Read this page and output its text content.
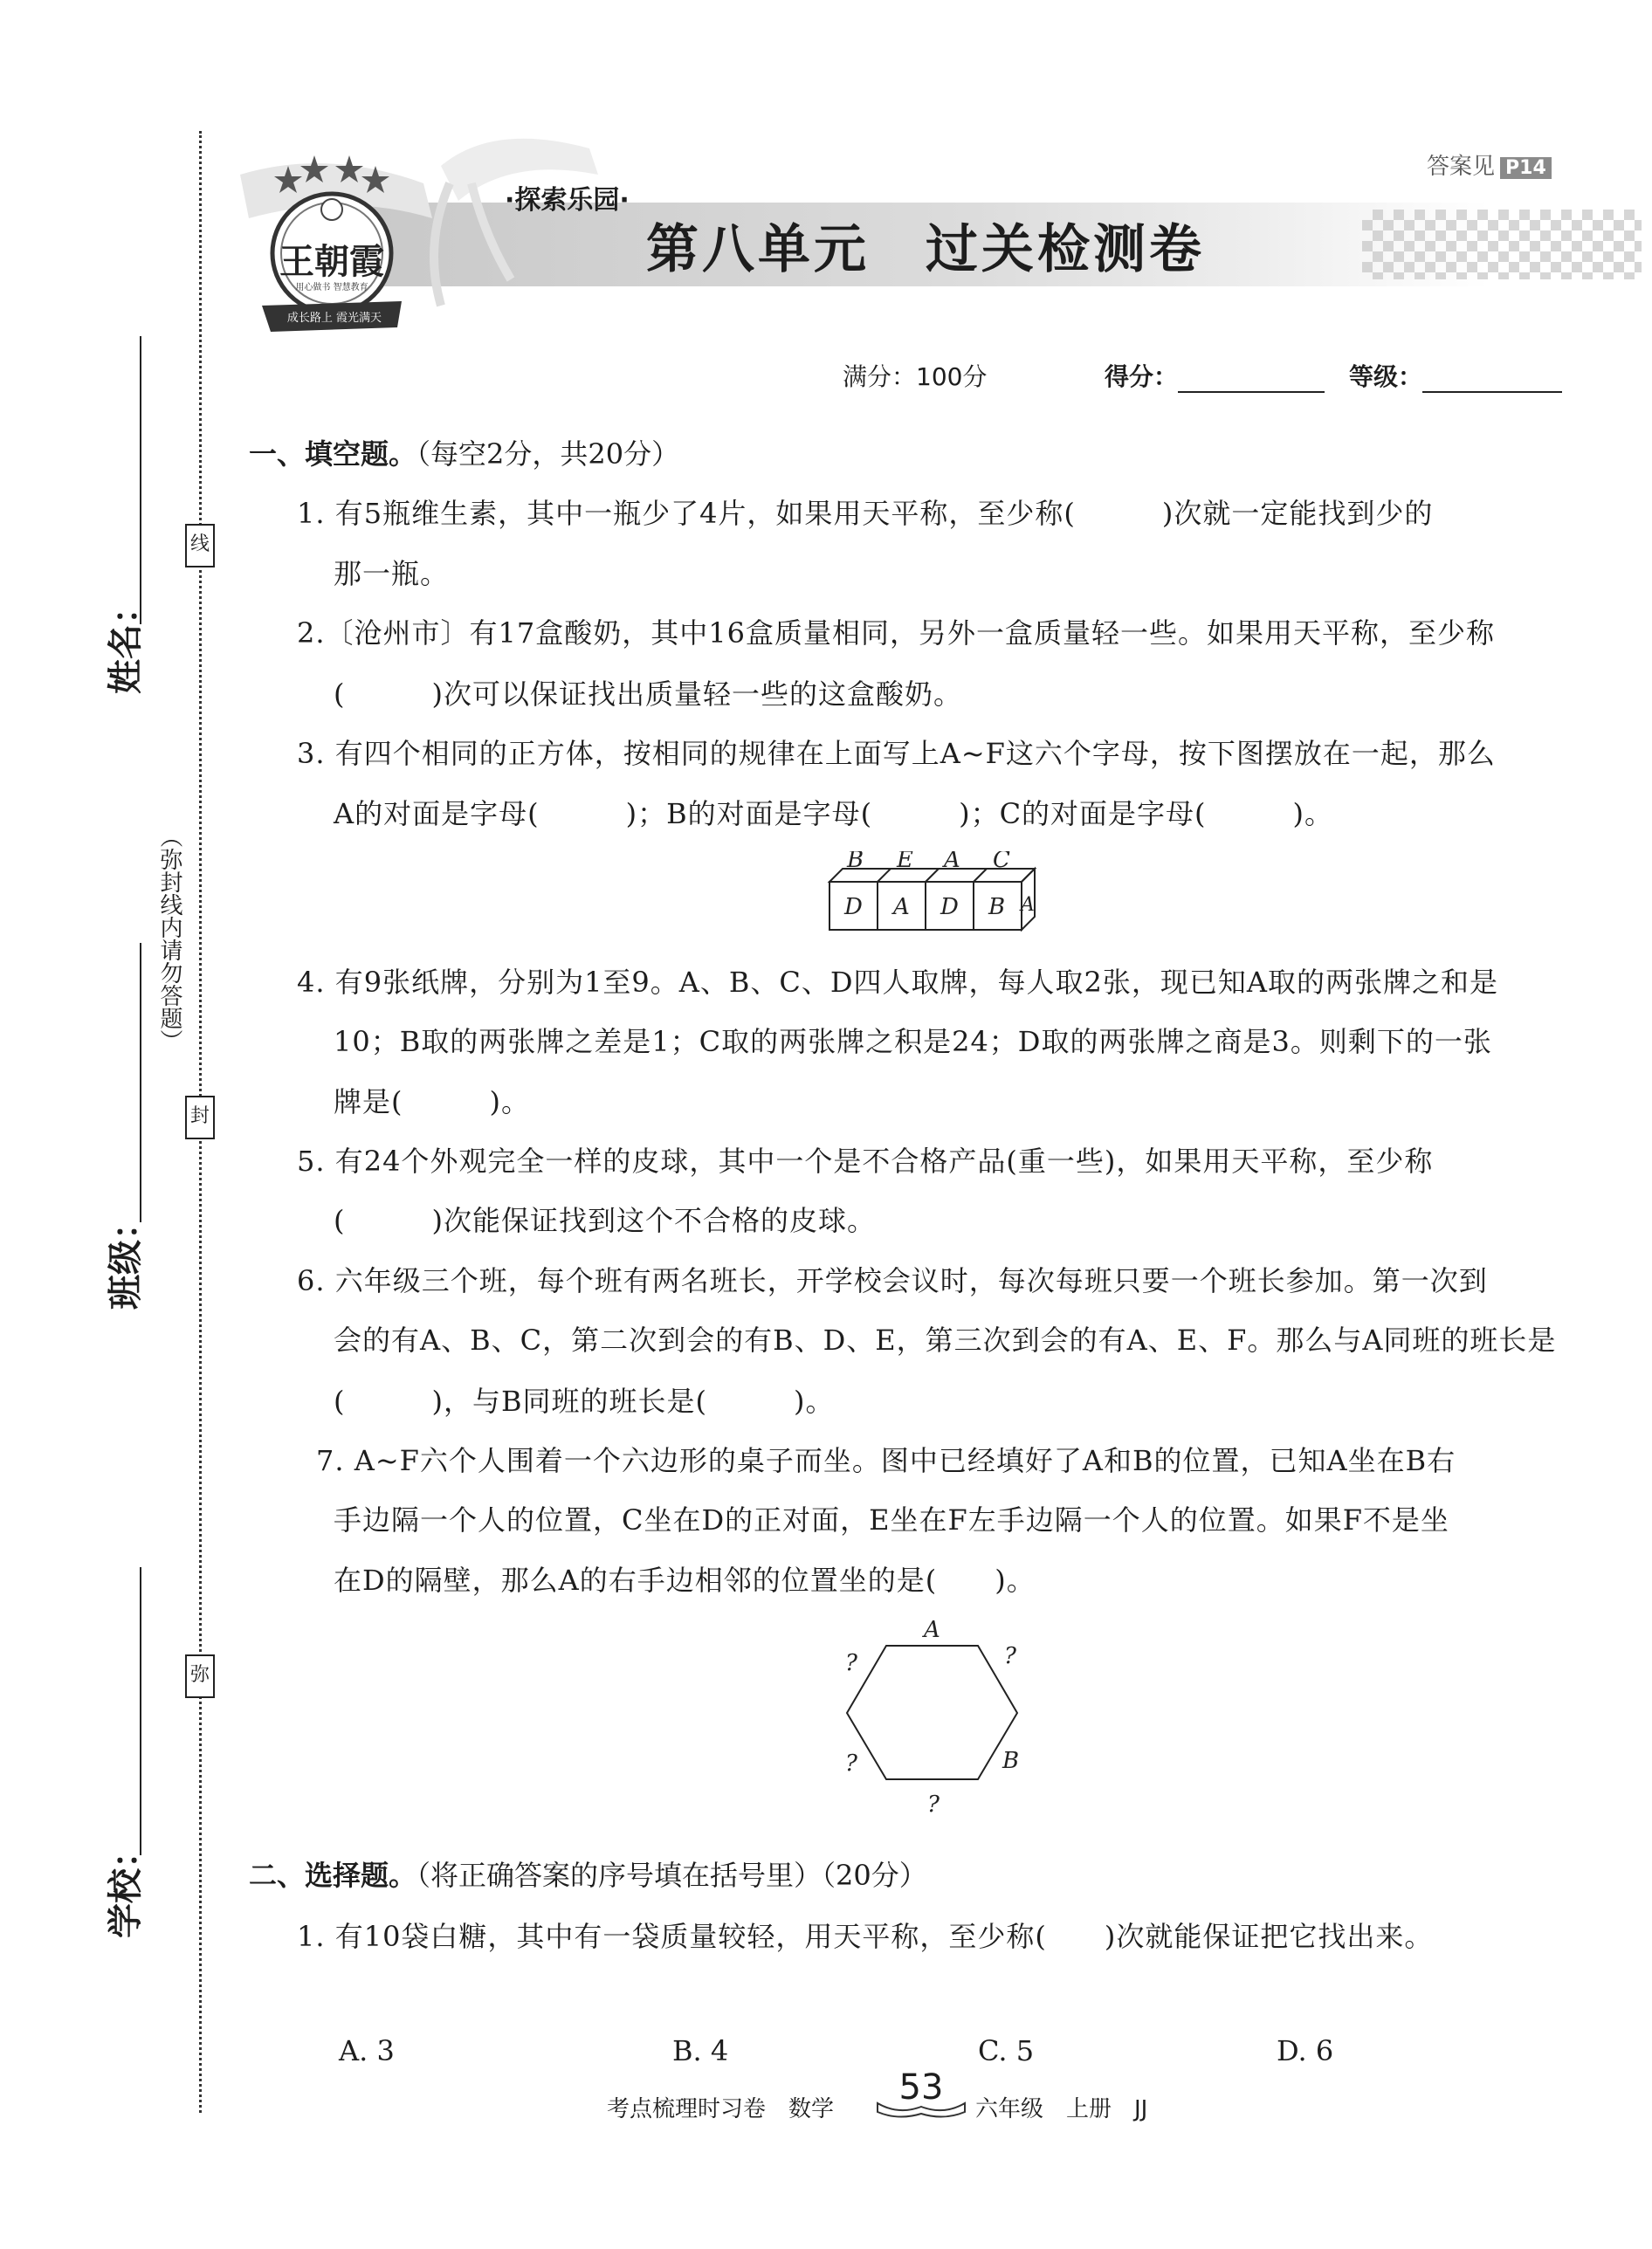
线
封
弥
姓名：
班级：
学校：
（弥封线内请勿答题）
王朝霞
用心做书 智慧教育
成长路上 霞光满天
答案见 P14
·探索乐园·
第八单元　过关检测卷
满分：100分	得分：	等级：
一、填空题。（每空2分，共20分）
1. 有5瓶维生素，其中一瓶少了4片，如果用天平称，至少称(　　　)次就一定能找到少的
那一瓶。
2.〔沧州市〕有17盒酸奶，其中16盒质量相同，另外一盒质量轻一些。如果用天平称，至少称
(　　　)次可以保证找出质量轻一些的这盒酸奶。
3. 有四个相同的正方体，按相同的规律在上面写上A~F这六个字母，按下图摆放在一起，那么
A的对面是字母(　　　)；B的对面是字母(　　　)；C的对面是字母(　　　)。
B E A C
D A D B A
4. 有9张纸牌，分别为1至9。A、B、C、D四人取牌，每人取2张，现已知A取的两张牌之和是
10；B取的两张牌之差是1；C取的两张牌之积是24；D取的两张牌之商是3。则剩下的一张
牌是(　　　)。
5. 有24个外观完全一样的皮球，其中一个是不合格产品(重一些)，如果用天平称，至少称
(　　　)次能保证找到这个不合格的皮球。
6. 六年级三个班，每个班有两名班长，开学校会议时，每次每班只要一个班长参加。第一次到
会的有A、B、C，第二次到会的有B、D、E，第三次到会的有A、E、F。那么与A同班的班长是
(　　　)，与B同班的班长是(　　　)。
7. A~F六个人围着一个六边形的桌子而坐。图中已经填好了A和B的位置，已知A坐在B右
手边隔一个人的位置，C坐在D的正对面，E坐在F左手边隔一个人的位置。如果F不是坐
在D的隔壁，那么A的右手边相邻的位置坐的是(　　)。
A
?
?
?	B
?
二、选择题。（将正确答案的序号填在括号里）（20分）
1. 有10袋白糖，其中有一袋质量较轻，用天平称，至少称(　　)次就能保证把它找出来。
A. 3	B. 4	C. 5	D. 6
考点梳理时习卷　数学
53
六年级　上册　JJ
